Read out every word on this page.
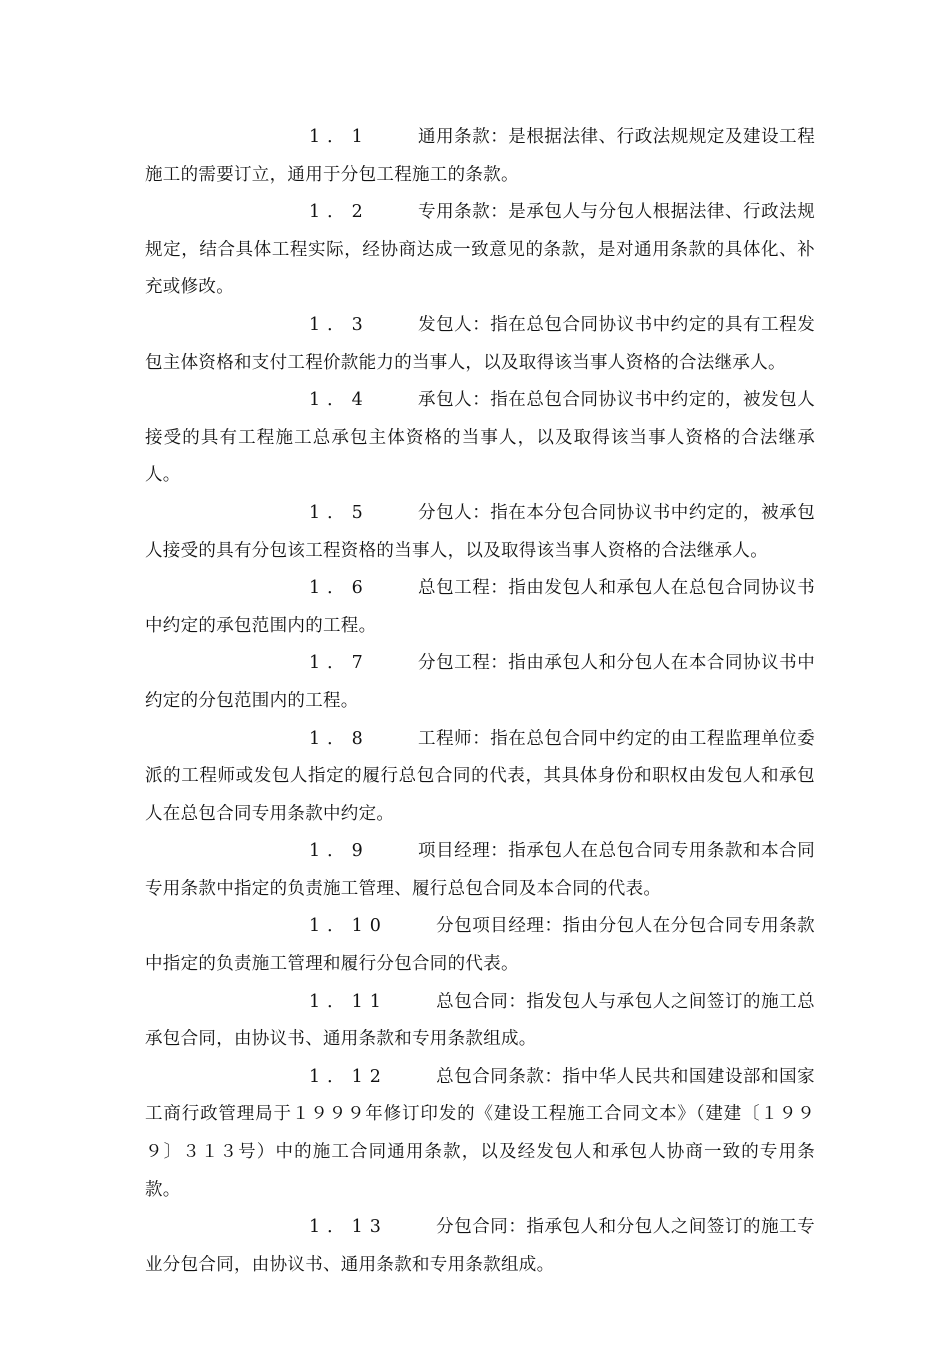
1．1	通用条款：是根据法律、行政法规规定及建设工程施工的需要订立，通用于分包工程施工的条款。

1．2	专用条款：是承包人与分包人根据法律、行政法规规定，结合具体工程实际，经协商达成一致意见的条款，是对通用条款的具体化、补充或修改。

1．3	发包人：指在总包合同协议书中约定的具有工程发包主体资格和支付工程价款能力的当事人，以及取得该当事人资格的合法继承人。

1．4	承包人：指在总包合同协议书中约定的，被发包人接受的具有工程施工总承包主体资格的当事人，以及取得该当事人资格的合法继承人。

1．5	分包人：指在本分包合同协议书中约定的，被承包人接受的具有分包该工程资格的当事人，以及取得该当事人资格的合法继承人。

1．6	总包工程：指由发包人和承包人在总包合同协议书中约定的承包范围内的工程。

1．7	分包工程：指由承包人和分包人在本合同协议书中约定的分包范围内的工程。

1．8	工程师：指在总包合同中约定的由工程监理单位委派的工程师或发包人指定的履行总包合同的代表，其具体身份和职权由发包人和承包人在总包合同专用条款中约定。

1．9	项目经理：指承包人在总包合同专用条款和本合同专用条款中指定的负责施工管理、履行总包合同及本合同的代表。

1．10	分包项目经理：指由分包人在分包合同专用条款中指定的负责施工管理和履行分包合同的代表。

1．11	总包合同：指发包人与承包人之间签订的施工总承包合同，由协议书、通用条款和专用条款组成。

1．12	总包合同条款：指中华人民共和国建设部和国家工商行政管理局于１９９９年修订印发的《建设工程施工合同文本》（建建〔１９９９〕３１３号）中的施工合同通用条款，以及经发包人和承包人协商一致的专用条款。

1．13	分包合同：指承包人和分包人之间签订的施工专业分包合同，由协议书、通用条款和专用条款组成。
